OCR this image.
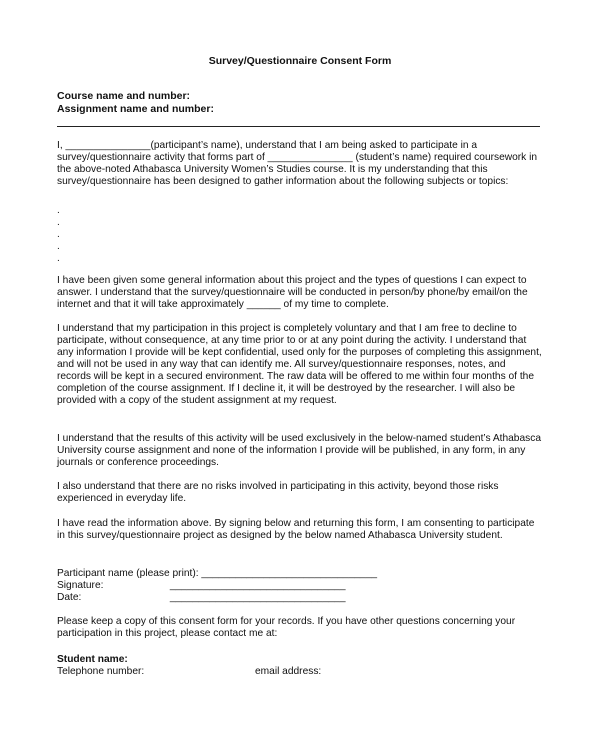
Survey/Questionnaire Consent Form
Course name and number:
Assignment name and number:
I, _______________(participant’s name), understand that I am being asked to participate in a survey/questionnaire activity that forms part of _______________ (student’s name) required coursework in the above-noted Athabasca University Women’s Studies course. It is my understanding that this survey/questionnaire has been designed to gather information about the following subjects or topics:
.
.
.
.
.
I have been given some general information about this project and the types of questions I can expect to answer. I understand that the survey/questionnaire will be conducted in person/by phone/by email/on the internet and that it will take approximately ______ of my time to complete.
I understand that my participation in this project is completely voluntary and that I am free to decline to participate, without consequence, at any time prior to or at any point during the activity. I understand that any information I provide will be kept confidential, used only for the purposes of completing this assignment, and will not be used in any way that can identify me. All survey/questionnaire responses, notes, and records will be kept in a secured environment. The raw data will be offered to me within four months of the completion of the course assignment. If I decline it, it will be destroyed by the researcher. I will also be provided with a copy of the student assignment at my request.
I understand that the results of this activity will be used exclusively in the below-named student’s Athabasca University course assignment and none of the information I provide will be published, in any form, in any journals or conference proceedings.
I also understand that there are no risks involved in participating in this activity, beyond those risks experienced in everyday life.
I have read the information above. By signing below and returning this form, I am consenting to participate in this survey/questionnaire project as designed by the below named Athabasca University student.
Participant name (please print): _______________________________
Signature:	_______________________________
Date:	_______________________________
Please keep a copy of this consent form for your records. If you have other questions concerning your participation in this project, please contact me at:
Student name:
Telephone number:	email address:
